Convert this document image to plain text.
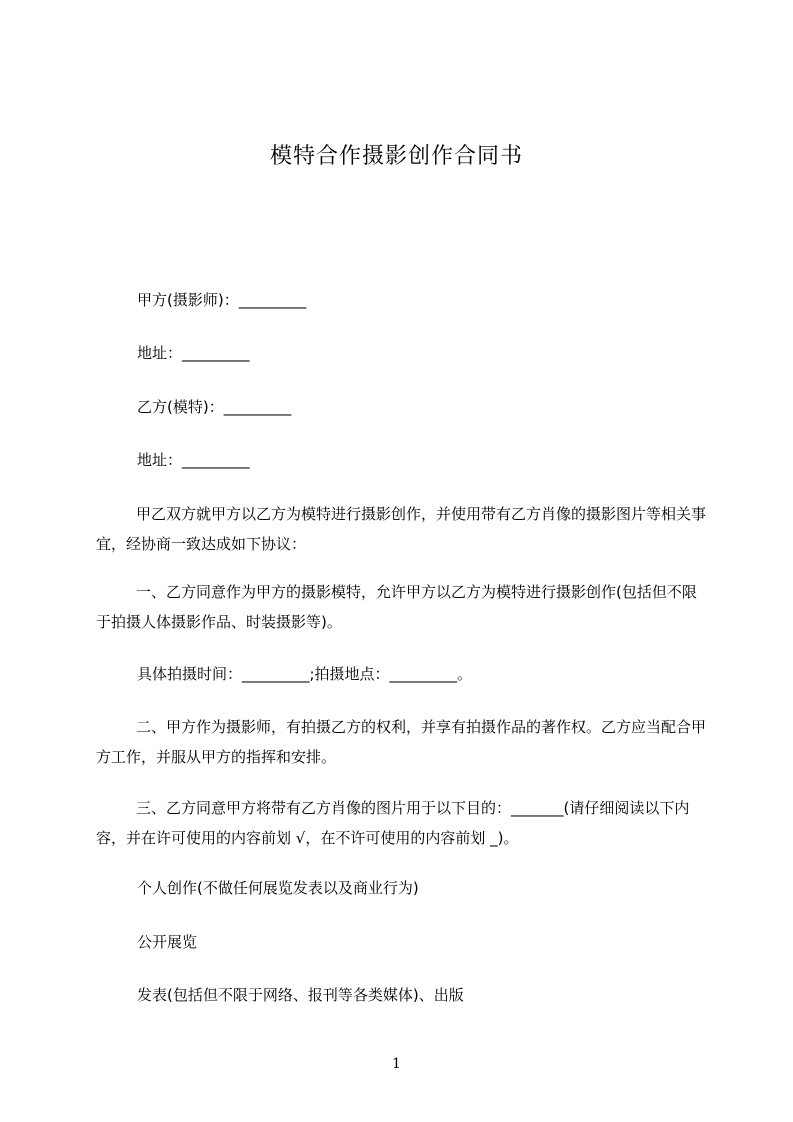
模特合作摄影创作合同书
甲方(摄影师)：_________
地址：_________
乙方(模特)：_________
地址：_________
甲乙双方就甲方以乙方为模特进行摄影创作，并使用带有乙方肖像的摄影图片等相关事宜，经协商一致达成如下协议：
一、乙方同意作为甲方的摄影模特，允许甲方以乙方为模特进行摄影创作(包括但不限于拍摄人体摄影作品、时装摄影等)。
具体拍摄时间：_________;拍摄地点：_________。
二、甲方作为摄影师，有拍摄乙方的权利，并享有拍摄作品的著作权。乙方应当配合甲方工作，并服从甲方的指挥和安排。
三、乙方同意甲方将带有乙方肖像的图片用于以下目的：_______(请仔细阅读以下内容，并在许可使用的内容前划 √，在不许可使用的内容前划 _)。
个人创作(不做任何展览发表以及商业行为)
公开展览
发表(包括但不限于网络、报刊等各类媒体)、出版
1
